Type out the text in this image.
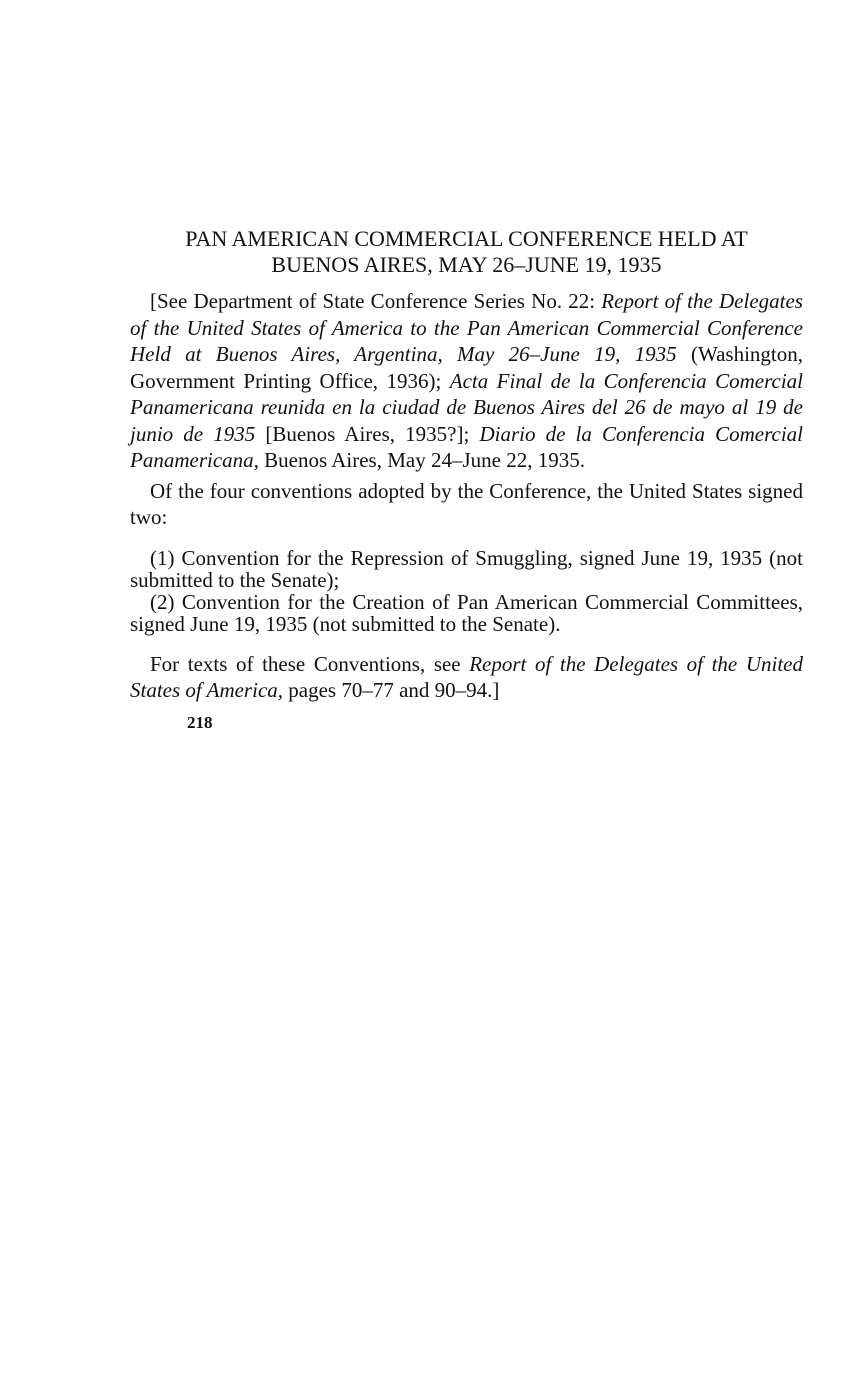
PAN AMERICAN COMMERCIAL CONFERENCE HELD AT
BUENOS AIRES, MAY 26–JUNE 19, 1935

[See Department of State Conference Series No. 22: Report of the Delegates of the United States of America to the Pan American Commercial Conference Held at Buenos Aires, Argentina, May 26–June 19, 1935 (Washington, Government Printing Office, 1936); Acta Final de la Conferencia Comercial Panamericana reunida en la ciudad de Buenos Aires del 26 de mayo al 19 de junio de 1935 [Buenos Aires, 1935?]; Diario de la Conferencia Comercial Panamericana, Buenos Aires, May 24–June 22, 1935.

Of the four conventions adopted by the Conference, the United States signed two:

(1) Convention for the Repression of Smuggling, signed June 19, 1935 (not submitted to the Senate);

(2) Convention for the Creation of Pan American Commercial Committees, signed June 19, 1935 (not submitted to the Senate).

For texts of these Conventions, see Report of the Delegates of the United States of America, pages 70–77 and 90–94.]

218
